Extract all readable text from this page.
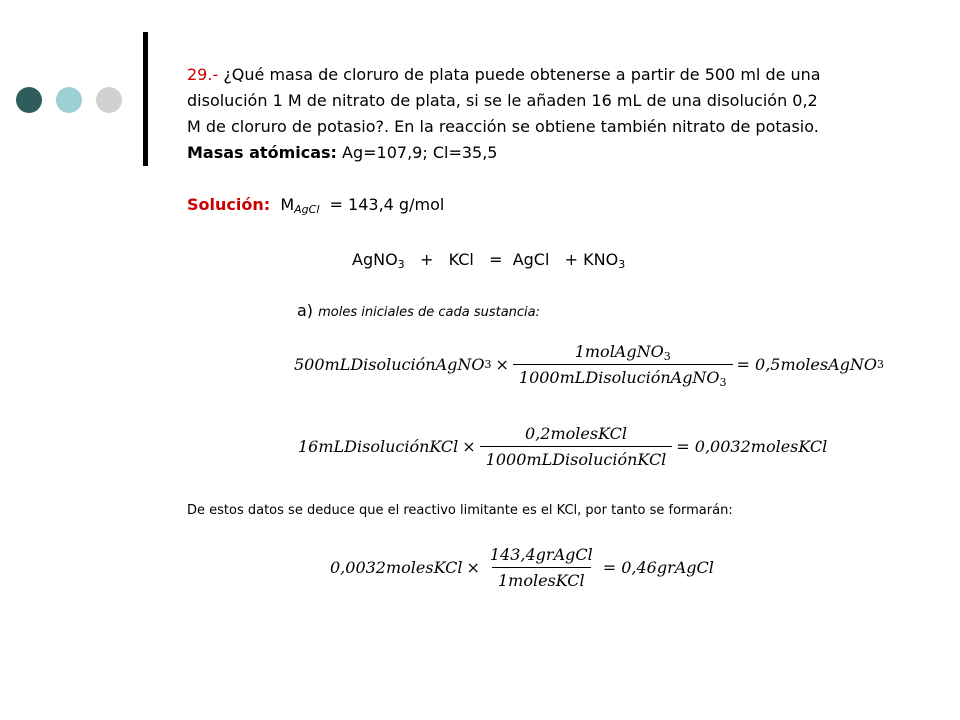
29.- ¿Qué masa de cloruro de plata puede obtenerse a partir de 500 ml de una
disolución 1 M de nitrato de plata, si se le añaden 16 mL de una disolución 0,2
M de cloruro de potasio?. En la reacción se obtiene también nitrato de potasio.
Masas atómicas: Ag=107,9; Cl=35,5
Solución: $M_{AgCl} = 143,4$ g/mol
AgNO$_3$ + KCl = AgCl + $KNO_3$
a) moles iniciales de cada sustancia:
500mLDisoluciónAgNO $3 \times \frac{1molAgNO_3}{1000mLDisoluciónAgNO_3}$ = 0,5molesAgNO 3
16mLDisoluciónKCl × $\frac{\text{0,2molesKCl}}{\text{1000mLDisoluciónKCl}}$ = 0,0032molesKCl
De estos datos se deduce que el reactivo limitante es el KCl, por tanto se formarán:
0,0032molesKCl × $\frac{\text{143,4grAgCl}}{\text{1molesKCl}}$ = 0,46grAgCl
